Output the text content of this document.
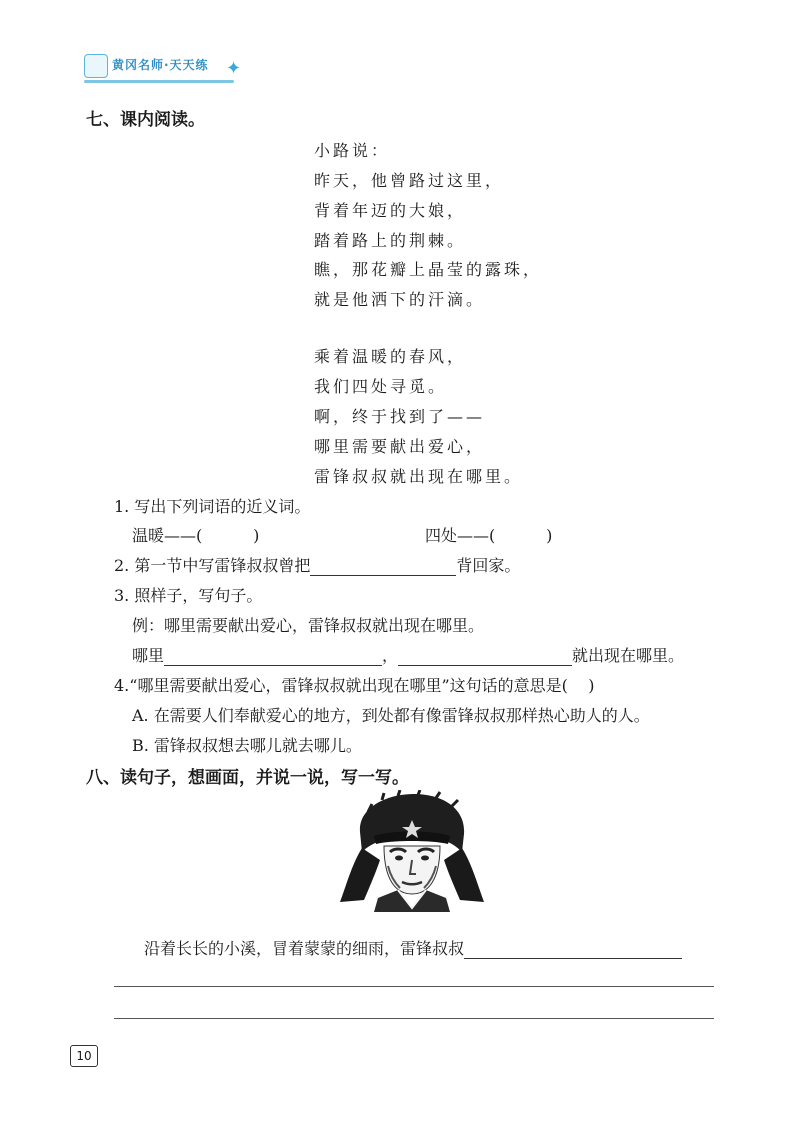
黄冈名师·天天练 ✦
七、课内阅读。
小路说：
昨天，他曾路过这里，
背着年迈的大娘，
踏着路上的荆棘。
瞧，那花瓣上晶莹的露珠，
就是他洒下的汗滴。
乘着温暖的春风，
我们四处寻觅。
啊，终于找到了——
哪里需要献出爱心，
雷锋叔叔就出现在哪里。
1. 写出下列词语的近义词。
温暖——(          )	四处——(          )
2. 第一节中写雷锋叔叔曾把	背回家。
3. 照样子，写句子。
例：哪里需要献出爱心，雷锋叔叔就出现在哪里。
哪里	，	就出现在哪里。
4.“哪里需要献出爱心，雷锋叔叔就出现在哪里”这句话的意思是(    )
A. 在需要人们奉献爱心的地方，到处都有像雷锋叔叔那样热心助人的人。
B. 雷锋叔叔想去哪儿就去哪儿。
八、读句子，想画面，并说一说，写一写。
沿着长长的小溪，冒着蒙蒙的细雨，雷锋叔叔
10
